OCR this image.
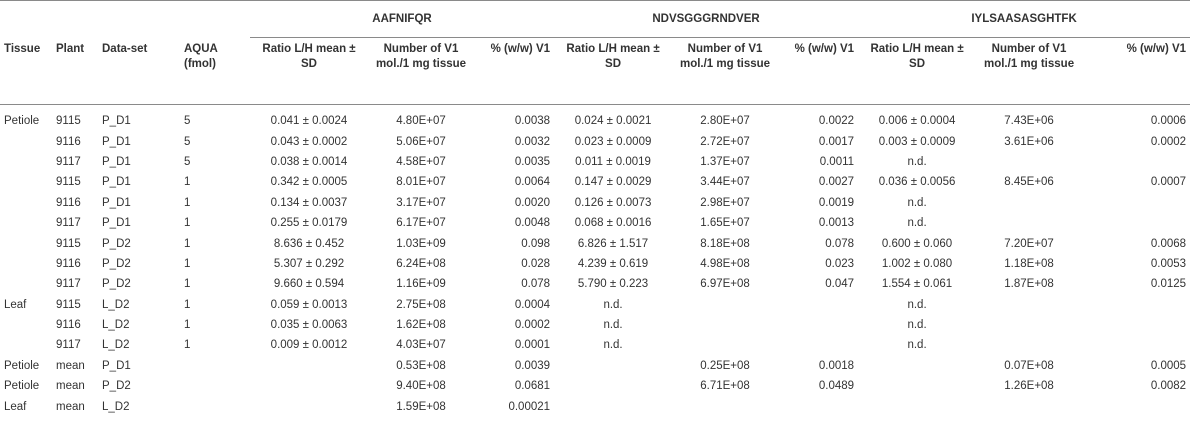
				AAFNIFQR			NDVSGGGRNDVER			IYLSAASASGHTFK		
Tissue	Plant	Data-set	AQUA (fmol)	Ratio L/H mean ± SD	Number of V1 mol./1 mg tissue	% (w/w) V1	Ratio L/H mean ± SD	Number of V1 mol./1 mg tissue	% (w/w) V1	Ratio L/H mean ± SD	Number of V1 mol./1 mg tissue	% (w/w) V1
Petiole	9115	P_D1	5	0.041 ± 0.0024	4.80E+07	0.0038	0.024 ± 0.0021	2.80E+07	0.0022	0.006 ± 0.0004	7.43E+06	0.0006
	9116	P_D1	5	0.043 ± 0.0002	5.06E+07	0.0032	0.023 ± 0.0009	2.72E+07	0.0017	0.003 ± 0.0009	3.61E+06	0.0002
	9117	P_D1	5	0.038 ± 0.0014	4.58E+07	0.0035	0.011 ± 0.0019	1.37E+07	0.0011	n.d.		
	9115	P_D1	1	0.342 ± 0.0005	8.01E+07	0.0064	0.147 ± 0.0029	3.44E+07	0.0027	0.036 ± 0.0056	8.45E+06	0.0007
	9116	P_D1	1	0.134 ± 0.0037	3.17E+07	0.0020	0.126 ± 0.0073	2.98E+07	0.0019	n.d.		
	9117	P_D1	1	0.255 ± 0.0179	6.17E+07	0.0048	0.068 ± 0.0016	1.65E+07	0.0013	n.d.		
	9115	P_D2	1	8.636 ± 0.452	1.03E+09	0.098	6.826 ± 1.517	8.18E+08	0.078	0.600 ± 0.060	7.20E+07	0.0068
	9116	P_D2	1	5.307 ± 0.292	6.24E+08	0.028	4.239 ± 0.619	4.98E+08	0.023	1.002 ± 0.080	1.18E+08	0.0053
	9117	P_D2	1	9.660 ± 0.594	1.16E+09	0.078	5.790 ± 0.223	6.97E+08	0.047	1.554 ± 0.061	1.87E+08	0.0125
Leaf	9115	L_D2	1	0.059 ± 0.0013	2.75E+08	0.0004	n.d.			n.d.		
	9116	L_D2	1	0.035 ± 0.0063	1.62E+08	0.0002	n.d.			n.d.		
	9117	L_D2	1	0.009 ± 0.0012	4.03E+07	0.0001	n.d.			n.d.		
Petiole	mean	P_D1			0.53E+08	0.0039		0.25E+08	0.0018		0.07E+08	0.0005
Petiole	mean	P_D2			9.40E+08	0.0681		6.71E+08	0.0489		1.26E+08	0.0082
Leaf	mean	L_D2			1.59E+08	0.00021						
